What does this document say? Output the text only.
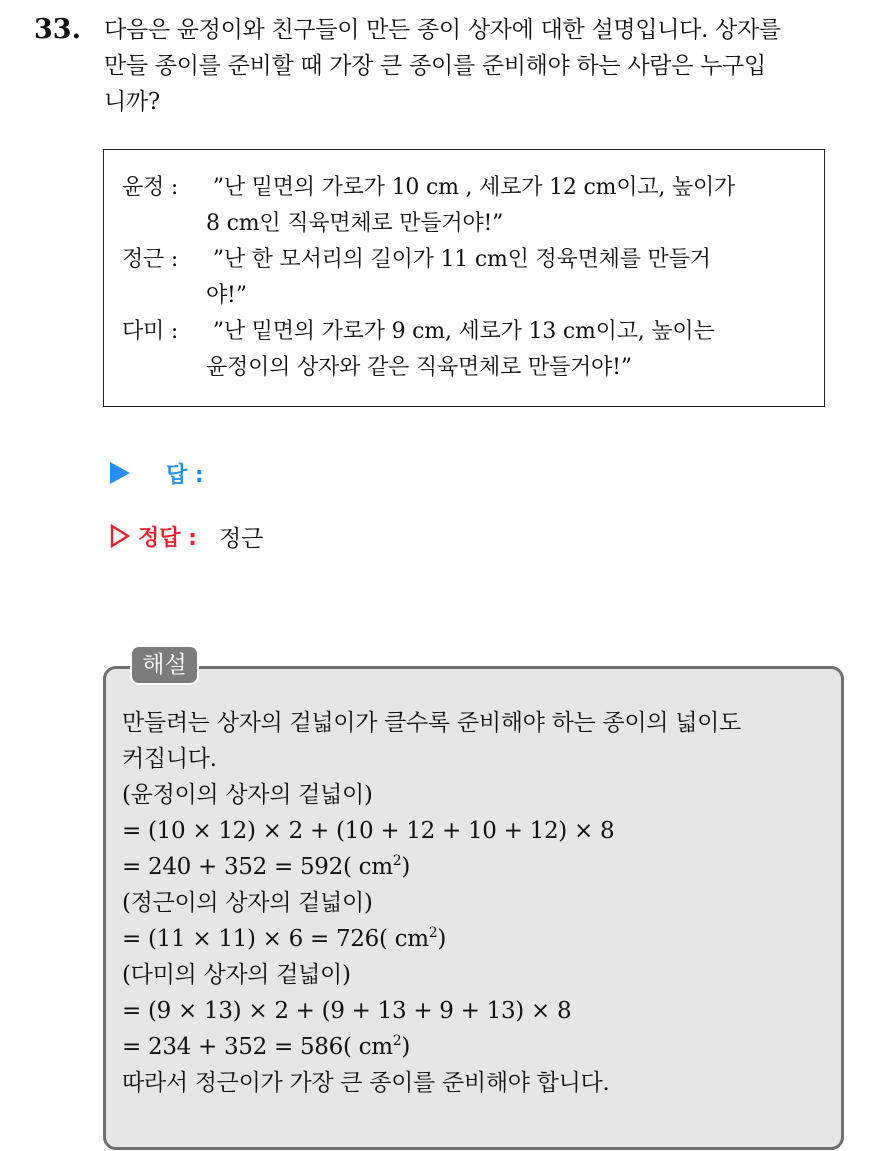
33. 다음은 윤정이와 친구들이 만든 종이 상자에 대한 설명입니다. 상자를
만들 종이를 준비할 때 가장 큰 종이를 준비해야 하는 사람은 누구입
니까?
윤정 : ”난 밑면의 가로가 10 cm , 세로가 12 cm이고, 높이가
8 cm인 직육면체로 만들거야!”
정근 : ”난 한 모서리의 길이가 11 cm인 정육면체를 만들거
야!”
다미 : ”난 밑면의 가로가 9 cm, 세로가 13 cm이고, 높이는
윤정이의 상자와 같은 직육면체로 만들거야!”
답 :
정답 : 정근
해설
만들려는 상자의 겉넓이가 클수록 준비해야 하는 종이의 넓이도
커집니다.
(윤정이의 상자의 겉넓이)
= (10 × 12) × 2 + (10 + 12 + 10 + 12) × 8
= 240 + 352 = 592( $cm^2$)
(정근이의 상자의 겉넓이)
= (11 × 11) × 6 = 726( $cm^2$)
(다미의 상자의 겉넓이)
= (9 × 13) × 2 + (9 + 13 + 9 + 13) × 8
= 234 + 352 = 586( $cm^2$)
따라서 정근이가 가장 큰 종이를 준비해야 합니다.
